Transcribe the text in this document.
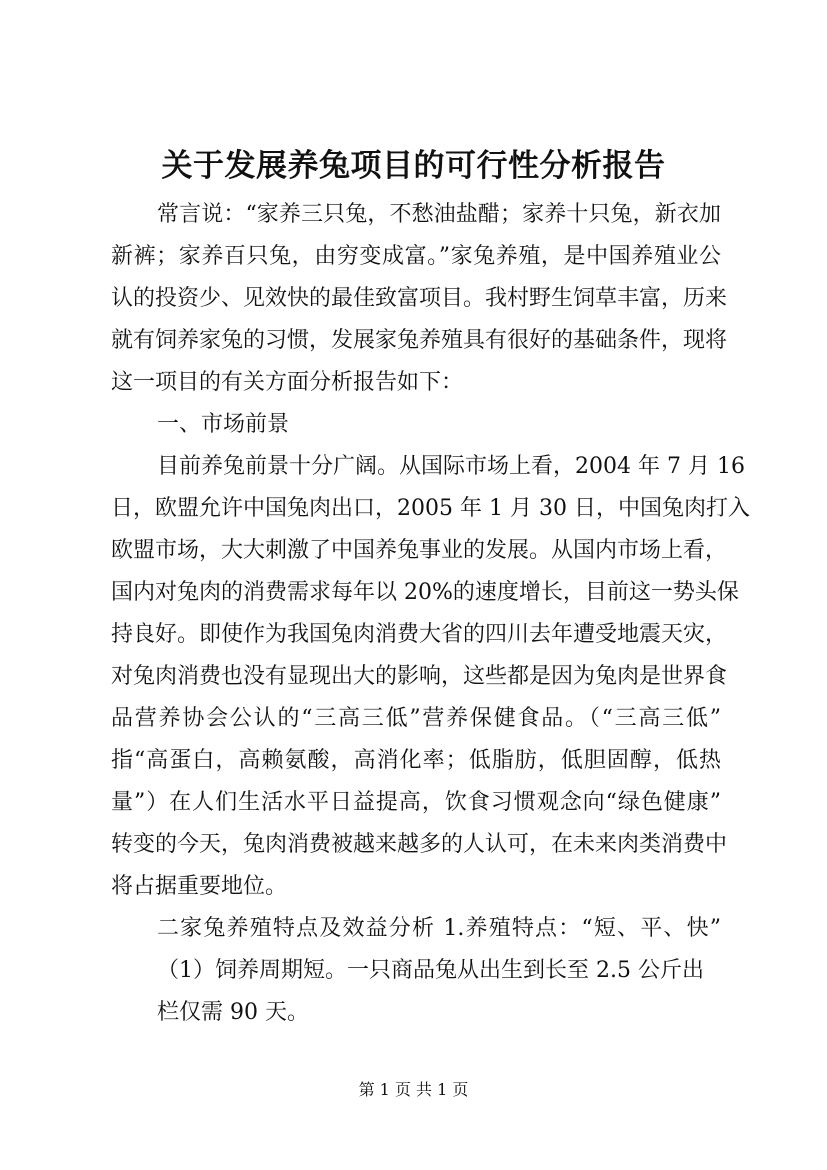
关于发展养兔项目的可行性分析报告
常言说：“家养三只兔，不愁油盐醋；家养十只兔，新衣加
新裤；家养百只兔，由穷变成富。”家兔养殖，是中国养殖业公
认的投资少、见效快的最佳致富项目。我村野生饲草丰富，历来
就有饲养家兔的习惯，发展家兔养殖具有很好的基础条件，现将
这一项目的有关方面分析报告如下：
一、市场前景
目前养兔前景十分广阔。从国际市场上看，2004 年 7 月 16
日，欧盟允许中国兔肉出口，2005 年 1 月 30 日，中国兔肉打入
欧盟市场，大大刺激了中国养兔事业的发展。从国内市场上看，
国内对兔肉的消费需求每年以 20%的速度增长，目前这一势头保
持良好。即使作为我国兔肉消费大省的四川去年遭受地震天灾，
对兔肉消费也没有显现出大的影响，这些都是因为兔肉是世界食
品营养协会公认的“三高三低”营养保健食品。（“三高三低”
指“高蛋白，高赖氨酸，高消化率；低脂肪，低胆固醇，低热
量”）在人们生活水平日益提高，饮食习惯观念向“绿色健康”
转变的今天，兔肉消费被越来越多的人认可，在未来肉类消费中
将占据重要地位。
二家兔养殖特点及效益分析 1.养殖特点：“短、平、快”
（1）饲养周期短。一只商品兔从出生到长至 2.5 公斤出
栏仅需 90 天。
第 1 页 共 1 页
